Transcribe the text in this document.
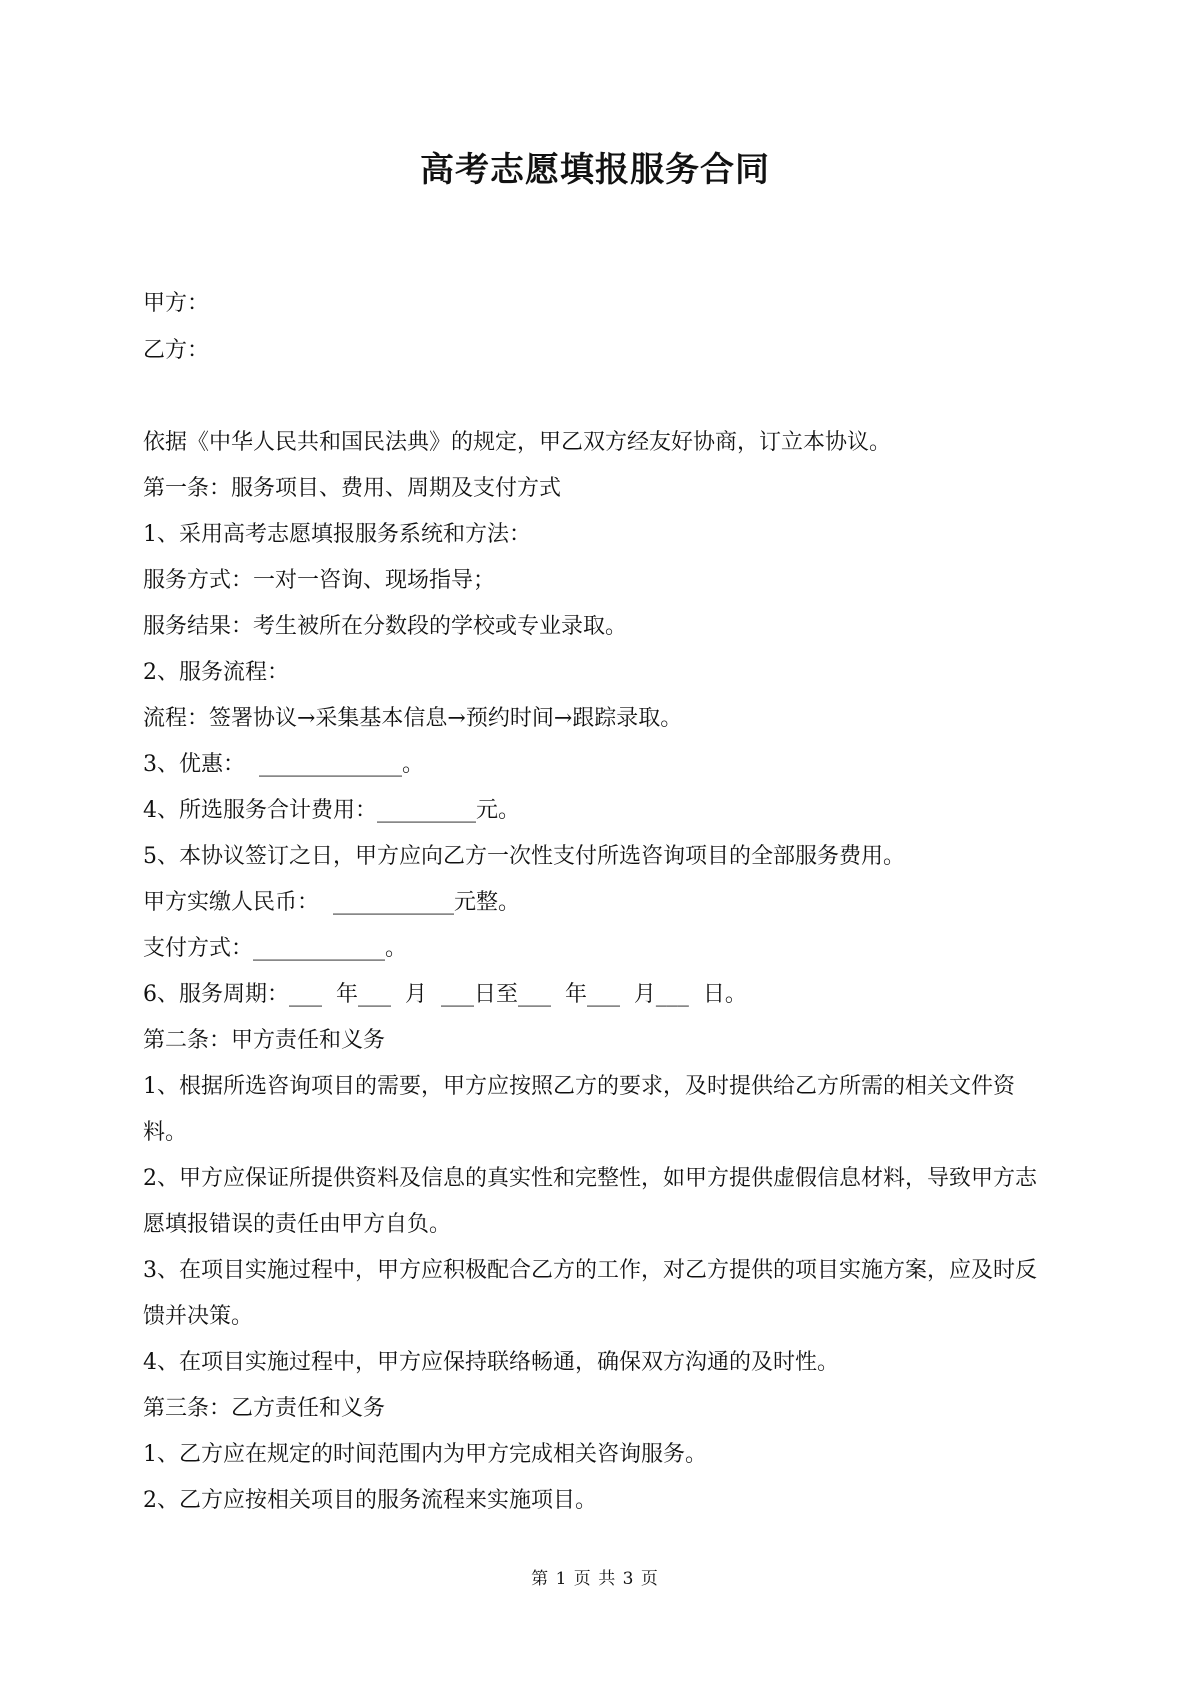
高考志愿填报服务合同

甲方：

乙方：

依据《中华人民共和国民法典》的规定，甲乙双方经友好协商，订立本协议。

第一条：服务项目、费用、周期及支付方式

1、采用高考志愿填报服务系统和方法：

服务方式：一对一咨询、现场指导；

服务结果：考生被所在分数段的学校或专业录取。

2、服务流程：

流程：签署协议→采集基本信息→预约时间→跟踪录取。

3、优惠：  _____________。

4、所选服务合计费用：_________元。

5、本协议签订之日，甲方应向乙方一次性支付所选咨询项目的全部服务费用。

甲方实缴人民币：  ___________元整。

支付方式：____________。

6、服务周期：___  年___  月  ___日至___  年___  月___  日。

第二条：甲方责任和义务

1、根据所选咨询项目的需要，甲方应按照乙方的要求，及时提供给乙方所需的相关文件资料。

2、甲方应保证所提供资料及信息的真实性和完整性，如甲方提供虚假信息材料，导致甲方志愿填报错误的责任由甲方自负。

3、在项目实施过程中，甲方应积极配合乙方的工作，对乙方提供的项目实施方案，应及时反馈并决策。

4、在项目实施过程中，甲方应保持联络畅通，确保双方沟通的及时性。

第三条：乙方责任和义务

1、乙方应在规定的时间范围内为甲方完成相关咨询服务。

2、乙方应按相关项目的服务流程来实施项目。

第 1 页 共 3 页
